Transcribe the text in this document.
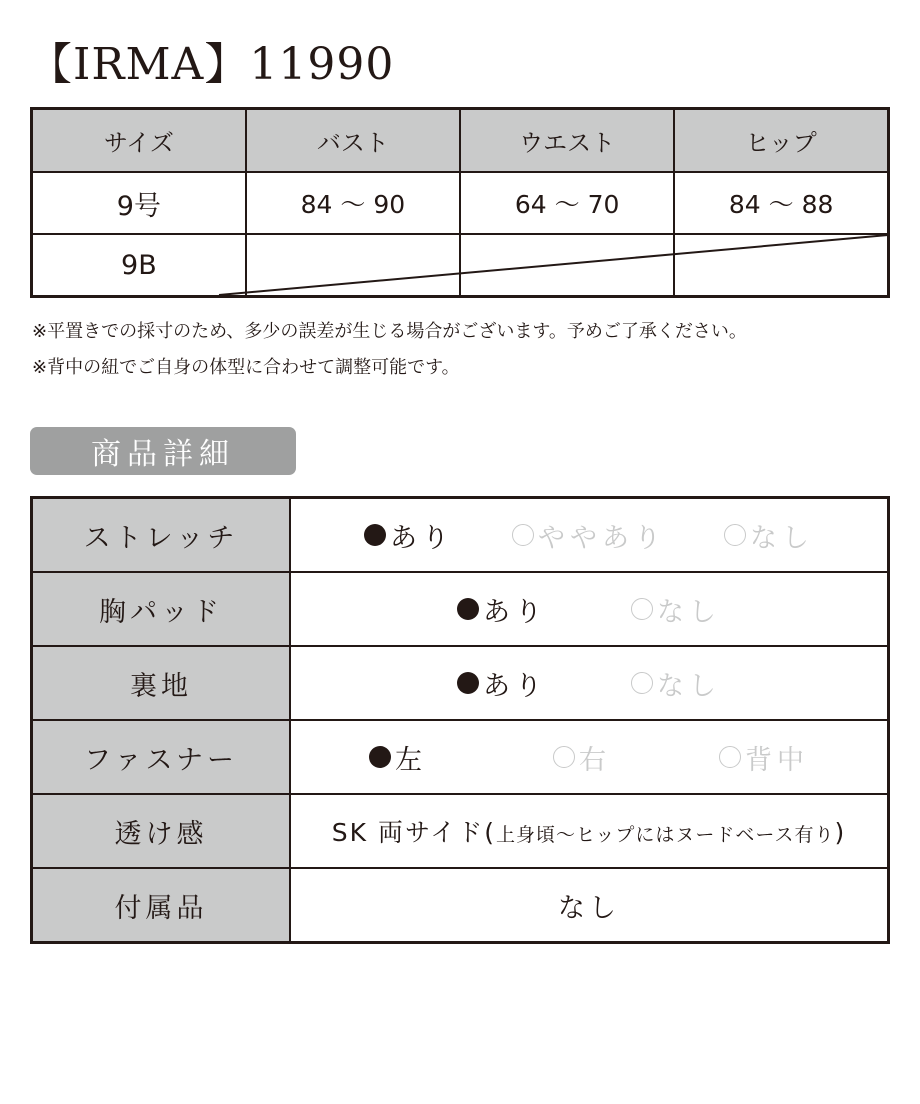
【IRMA】11990
サイズ	バスト	ウエスト	ヒップ
9号	84 ～ 90	64 ～ 70	84 ～ 88
9B			
※平置きでの採寸のため、多少の誤差が生じる場合がございます。予めご了承ください。
※背中の紐でご自身の体型に合わせて調整可能です。
商品詳細
ストレッチ	あり ややあり なし

胸パッド	あり なし

裏地	あり なし

ファスナー	左 右 背中

透け感	SK 両サイド(上身頃〜ヒップにはヌードベース有り)
付属品	なし
